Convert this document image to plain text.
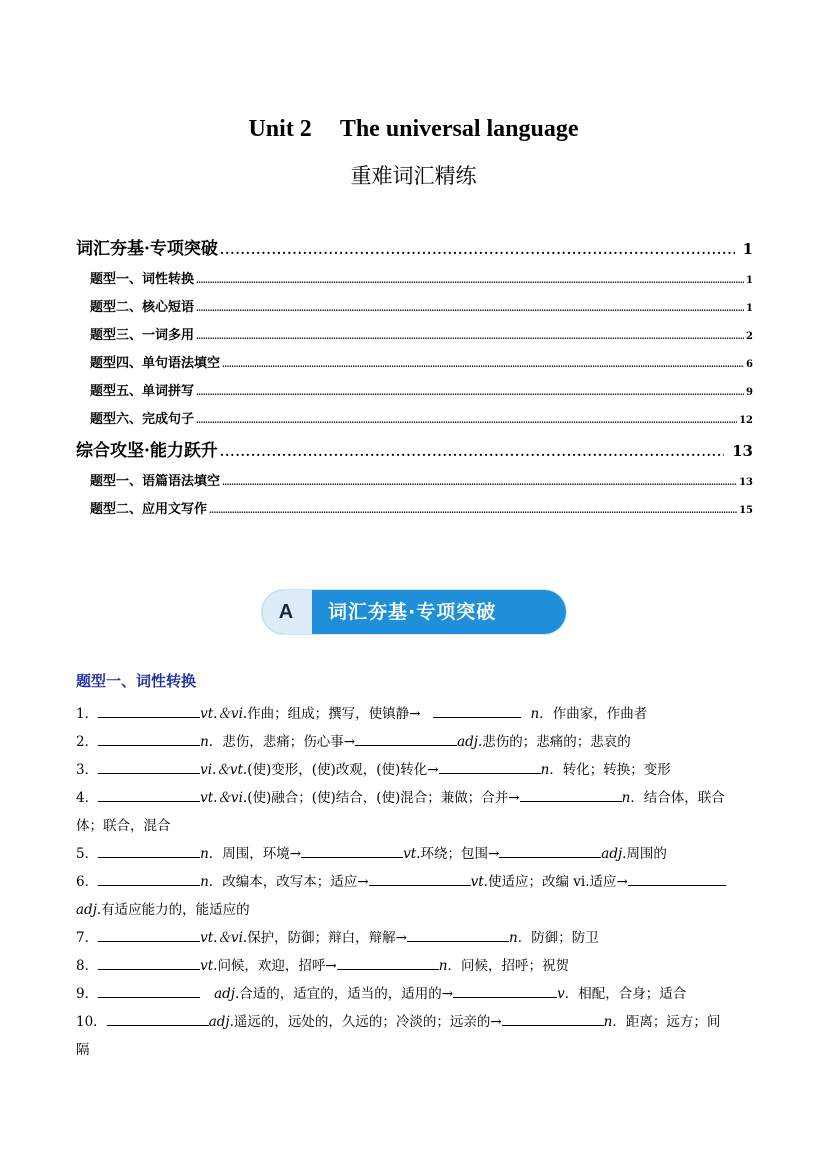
Unit 2 The universal language
重难词汇精练
词汇夯基·专项突破 .....	1
题型一、词性转换 .....	1
题型二、核心短语 .....	1
题型三、一词多用 .....	2
题型四、单句语法填空 .....	6
题型五、单词拼写 .....	9
题型六、完成句子 .....	12
综合攻坚·能力跃升 .....	13
题型一、语篇语法填空 .....	13
题型二、应用文写作 .....	15
A	词汇夯基·专项突破
题型一、词性转换
1．	vt.＆vi.作曲；组成；撰写，使镇静→	n．作曲家，作曲者
2．	n．悲伤，悲痛；伤心事→	adj.悲伤的；悲痛的；悲哀的
3．	vi.＆vt.(使)变形，(使)改观，(使)转化→	n．转化；转换；变形
4．	vt.＆vi.(使)融合；(使)结合，(使)混合；兼做；合并→	n．结合体，联合
体；联合，混合
5．	n．周围，环境→	vt.环绕；包围→	adj.周围的
6．	n．改编本，改写本；适应→	vt.使适应；改编 vi.适应→
adj.有适应能力的，能适应的
7．	vt.＆vi.保护，防御；辩白，辩解→	n．防御；防卫
8．	vt.问候，欢迎，招呼→	n．问候，招呼；祝贺
9．	adj.合适的，适宜的，适当的，适用的→	v．相配，合身；适合
10．	adj.遥远的，远处的，久远的；冷淡的；远亲的→	n．距离；远方；间
隔
